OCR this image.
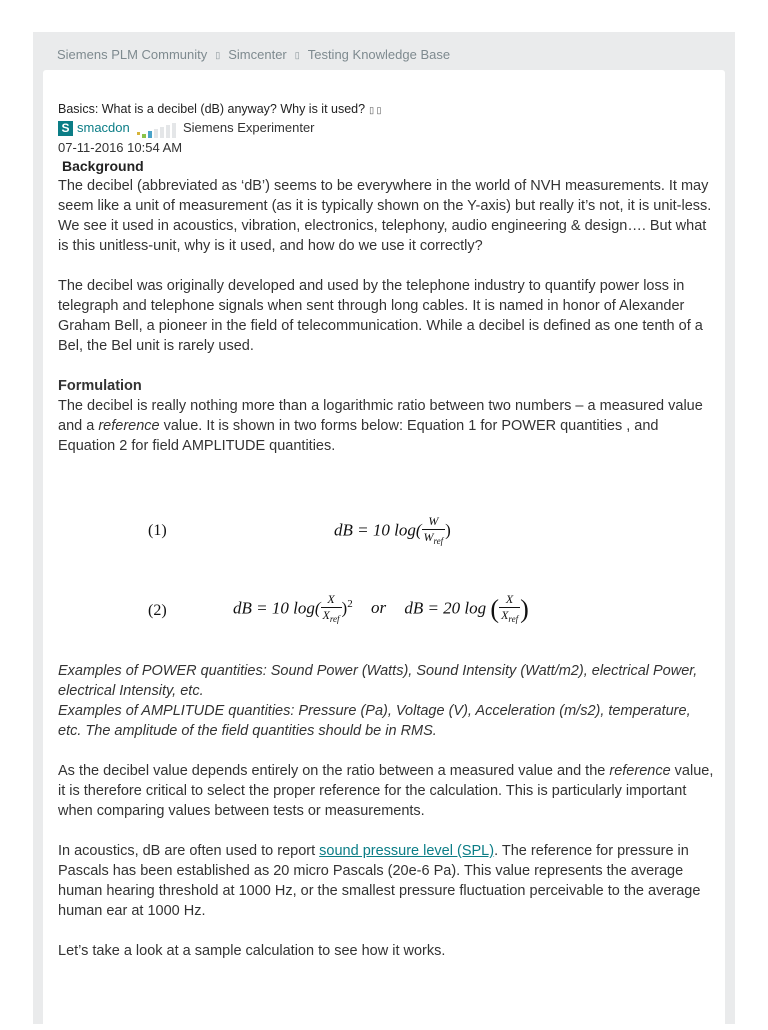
Siemens PLM Community ▯ Simcenter ▯ Testing Knowledge Base
Basics: What is a decibel (dB) anyway? Why is it used? ▯ ▯
S smacdon	Siemens Experimenter
07-11-2016 10:54 AM
Background

The decibel (abbreviated as ‘dB’) seems to be everywhere in the world of NVH measurements. It may seem like a unit of measurement (as it is typically shown on the Y-axis) but really it’s not, it is unit-less. We see it used in acoustics, vibration, electronics, telephony, audio engineering & design…. But what is this unitless-unit, why is it used, and how do we use it correctly?

The decibel was originally developed and used by the telephone industry to quantify power loss in telegraph and telephone signals when sent through long cables. It is named in honor of Alexander Graham Bell, a pioneer in the field of telecommunication. While a decibel is defined as one tenth of a Bel, the Bel unit is rarely used.

Formulation

The decibel is really nothing more than a logarithmic ratio between two numbers – a measured value and a reference value. It is shown in two forms below: Equation 1 for POWER quantities , and Equation 2 for field AMPLITUDE quantities.

(1)	dB = 10 $\log( \frac{W}{W_{ref}}$ )
(2)	dB = 10 $\log( \frac{X}{X_{ref}} )^2$ or dB = 20 log ( $\frac{X}{X_{ref}}$ )

Examples of POWER quantities: Sound Power (Watts), Sound Intensity (Watt/m2), electrical Power, electrical Intensity, etc.

Examples of AMPLITUDE quantities: Pressure (Pa), Voltage (V), Acceleration (m/s2), temperature, etc. The amplitude of the field quantities should be in RMS.

As the decibel value depends entirely on the ratio between a measured value and the reference value, it is therefore critical to select the proper reference for the calculation. This is particularly important when comparing values between tests or measurements.

In acoustics, dB are often used to report sound pressure level (SPL). The reference for pressure in Pascals has been established as 20 micro Pascals (20e-6 Pa). This value represents the average human hearing threshold at 1000 Hz, or the smallest pressure fluctuation perceivable to the average human ear at 1000 Hz.

Let’s take a look at a sample calculation to see how it works.
